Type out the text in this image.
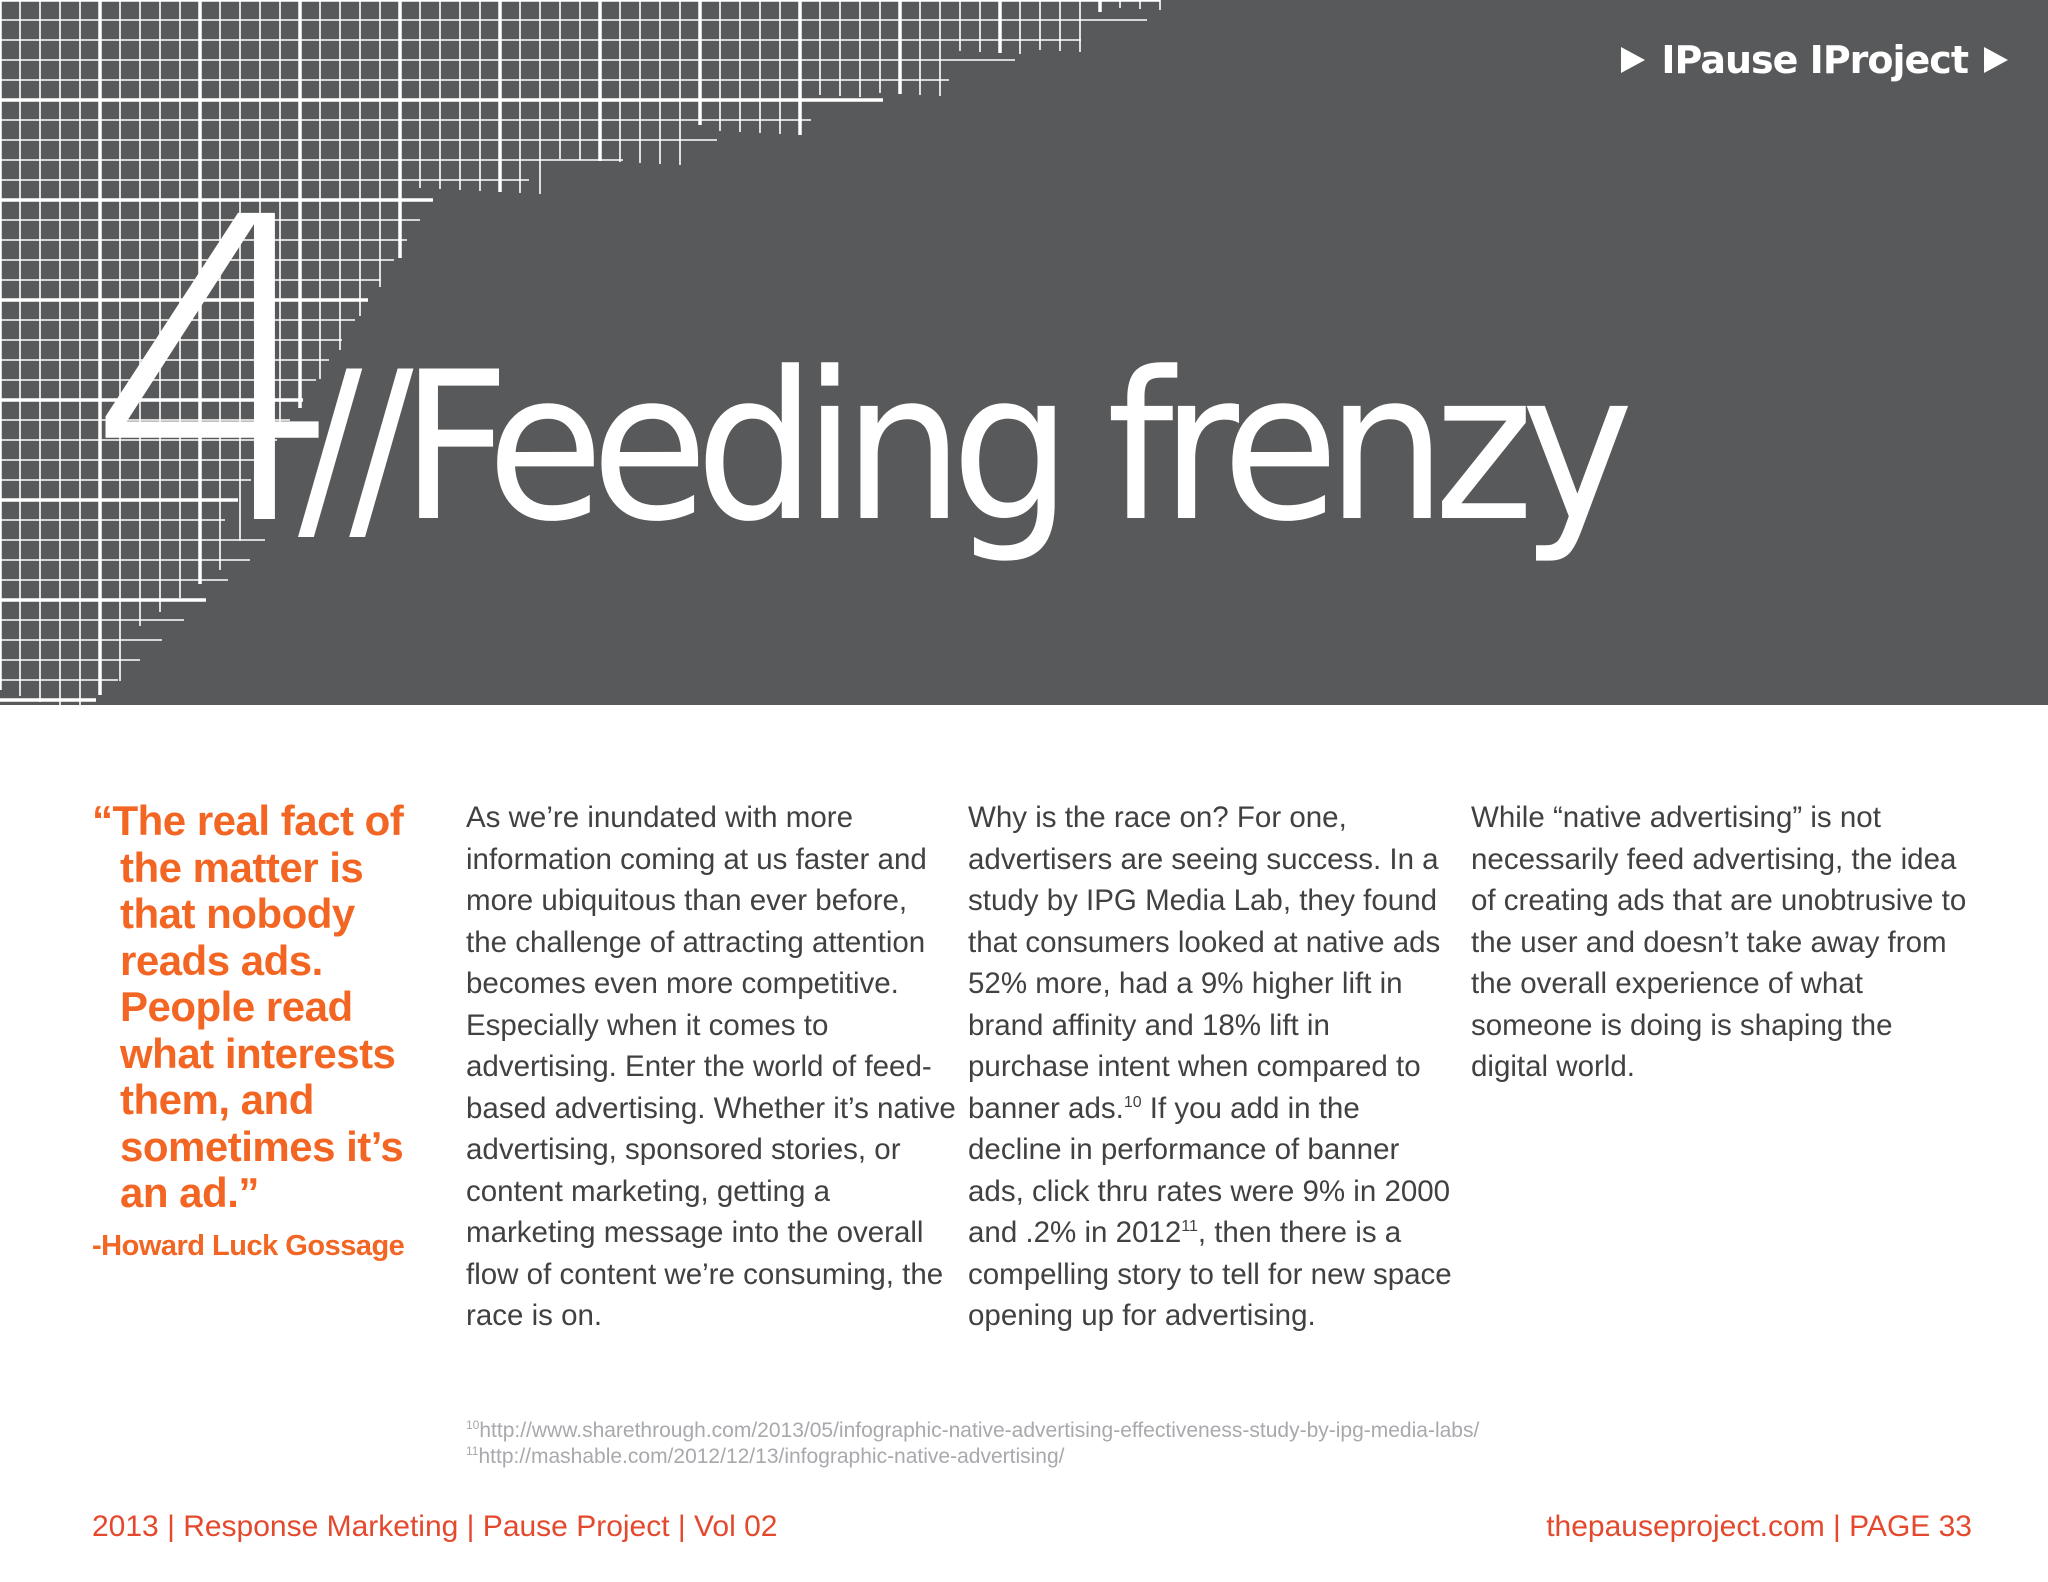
IPause IProject
4
//Feeding frenzy

“The real fact of the matter is that nobody reads ads. People read what interests them, and sometimes it’s an ad.”

-Howard Luck Gossage

As we’re inundated with more information coming at us faster and more ubiquitous than ever before, the challenge of attracting attention becomes even more competitive. Especially when it comes to advertising. Enter the world of feed-based advertising. Whether it’s native advertising, sponsored stories, or content marketing, getting a marketing message into the overall flow of content we’re consuming, the race is on.

Why is the race on? For one, advertisers are seeing success. In a study by IPG Media Lab, they found that consumers looked at native ads 52% more, had a 9% higher lift in brand affinity and 18% lift in purchase intent when compared to banner ads.$^{10}$ If you add in the decline in performance of banner ads, click thru rates were 9% in 2000 and .2% in 2012$^{11}$, then there is a compelling story to tell for new space opening up for advertising.

While “native advertising” is not necessarily feed advertising, the idea of creating ads that are unobtrusive to the user and doesn’t take away from the overall experience of what someone is doing is shaping the digital world.

$^{10}$http://www.sharethrough.com/2013/05/infographic-native-advertising-effectiveness-study-by-ipg-media-labs/
$^{11}$http://mashable.com/2012/12/13/infographic-native-advertising/
2013 | Response Marketing | Pause Project | Vol 02	thepauseproject.com | PAGE 33
